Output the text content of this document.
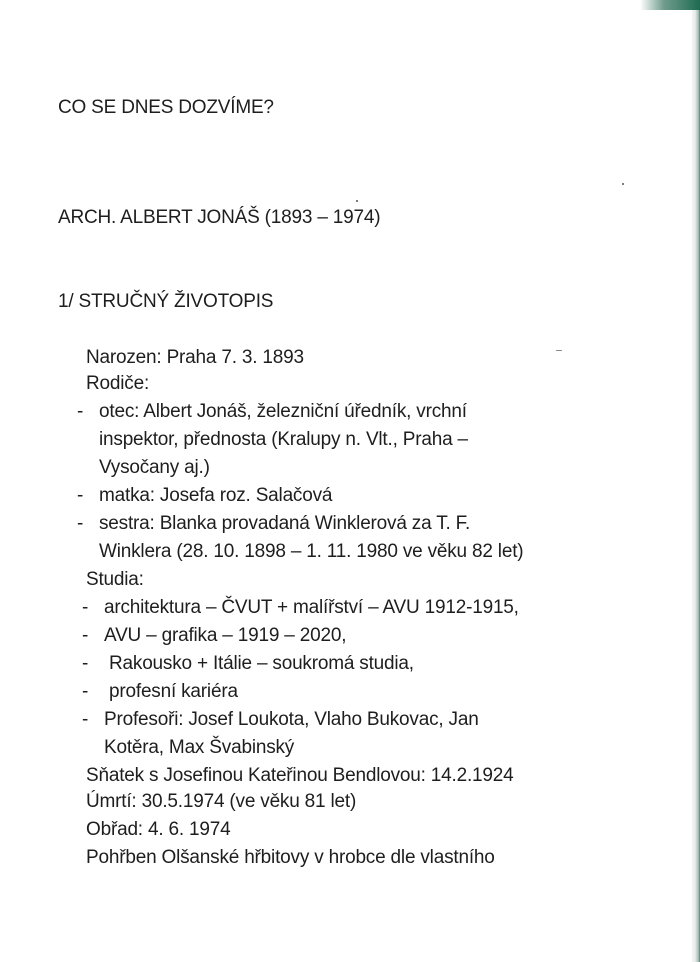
CO SE DNES DOZVÍME?
ARCH. ALBERT JONÁŠ (1893 – 1974)
1/ STRUČNÝ ŽIVOTOPIS
Narozen: Praha 7. 3. 1893
Rodiče:
- otec: Albert Jonáš, železniční úředník, vrchní
inspektor, přednosta (Kralupy n. Vlt., Praha –
Vysočany aj.)
- matka: Josefa roz. Salačová
- sestra: Blanka provadaná Winklerová za T. F.
Winklera (28. 10. 1898 – 1. 11. 1980 ve věku 82 let)
Studia:
- architektura – ČVUT + malířství – AVU 1912-1915,
- AVU – grafika – 1919 – 2020,
-	Rakousko + Itálie – soukromá studia,
-	profesní kariéra
- Profesoři: Josef Loukota, Vlaho Bukovac, Jan
Kotěra, Max Švabinský
Sňatek s Josefinou Kateřinou Bendlovou: 14.2.1924
Úmrtí: 30.5.1974 (ve věku 81 let)
Obřad: 4. 6. 1974
Pohřben Olšanské hřbitovy v hrobce dle vlastního
